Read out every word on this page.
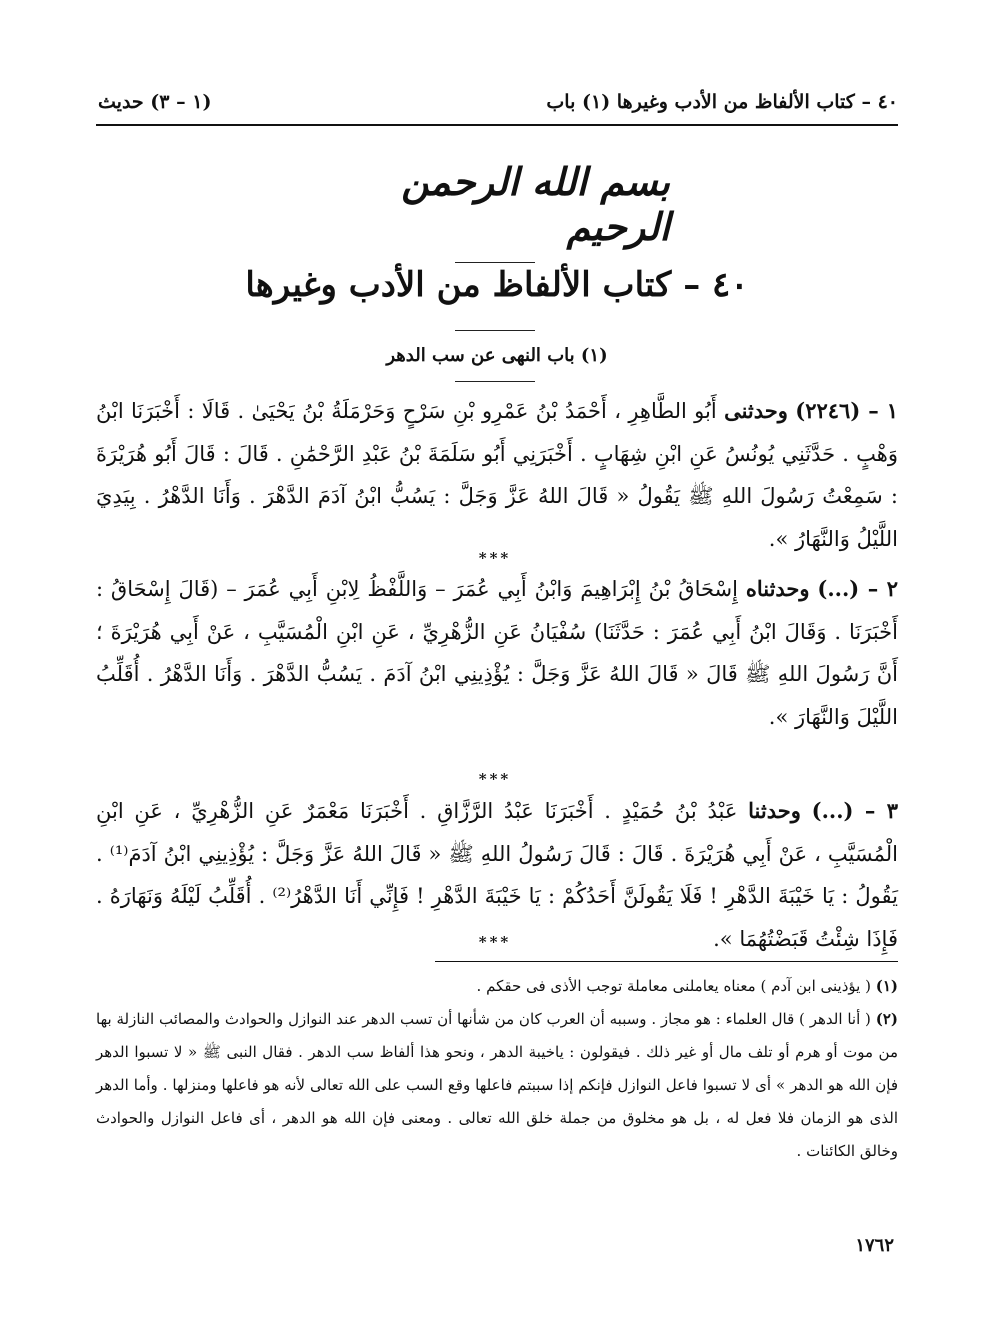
٤٠ – كتاب الألفاظ من الأدب وغيرها (١) باب
(١ – ٣) حديث
بسم الله الرحمن الرحيم
٤٠ – كتاب الألفاظ من الأدب وغيرها
(١) باب النهى عن سب الدهر
١ – (٢٢٤٦) وحدثنى أَبُو الطَّاهِرِ ، أَحْمَدُ بْنُ عَمْرِو بْنِ سَرْحٍ وَحَرْمَلَةُ بْنُ يَحْيَىٰ . قَالَا : أَخْبَرَنَا ابْنُ وَهْبٍ . حَدَّثَنِي يُونُسُ عَنِ ابْنِ شِهَابٍ . أَخْبَرَنِي أَبُو سَلَمَةَ بْنُ عَبْدِ الرَّحْمَٰنِ . قَالَ : قَالَ أَبُو هُرَيْرَةَ : سَمِعْتُ رَسُولَ اللهِ ﷺ يَقُولُ « قَالَ اللهُ عَزَّ وَجَلَّ : يَسُبُّ ابْنُ آدَمَ الدَّهْرَ . وَأَنَا الدَّهْرُ . بِيَدِيَ اللَّيْلُ وَالنَّهَارُ ».
***
٢ – (...) وحدثناه إِسْحَاقُ بْنُ إِبْرَاهِيمَ وَابْنُ أَبِي عُمَرَ – وَاللَّفْظُ لِابْنِ أَبِي عُمَرَ – (قَالَ إِسْحَاقُ : أَخْبَرَنَا . وَقَالَ ابْنُ أَبِي عُمَرَ : حَدَّثَنَا) سُفْيَانُ عَنِ الزُّهْرِيِّ ، عَنِ ابْنِ الْمُسَيَّبِ ، عَنْ أَبِي هُرَيْرَةَ ؛ أَنَّ رَسُولَ اللهِ ﷺ قَالَ « قَالَ اللهُ عَزَّ وَجَلَّ : يُؤْذِينِي ابْنُ آدَمَ . يَسُبُّ الدَّهْرَ . وَأَنَا الدَّهْرُ . أُقَلِّبُ اللَّيْلَ وَالنَّهَارَ ».
***
٣ – (...) وحدثنا عَبْدُ بْنُ حُمَيْدٍ . أَخْبَرَنَا عَبْدُ الرَّزَّاقِ . أَخْبَرَنَا مَعْمَرٌ عَنِ الزُّهْرِيِّ ، عَنِ ابْنِ الْمُسَيَّبِ ، عَنْ أَبِي هُرَيْرَةَ . قَالَ : قَالَ رَسُولُ اللهِ ﷺ « قَالَ اللهُ عَزَّ وَجَلَّ : يُؤْذِينِي ابْنُ آدَمَ⁽¹⁾ . يَقُولُ : يَا خَيْبَةَ الدَّهْرِ ! فَلَا يَقُولَنَّ أَحَدُكُمْ : يَا خَيْبَةَ الدَّهْرِ ! فَإِنِّي أَنَا الدَّهْرُ⁽²⁾ . أُقَلِّبُ لَيْلَهُ وَنَهَارَهُ . فَإِذَا شِئْتُ قَبَضْتُهُمَا ».
***

(١) ( يؤذينى ابن آدم ) معناه يعاملنى معاملة توجب الأذى فى حقكم .

(٢) ( أنا الدهر ) قال العلماء : هو مجاز . وسببه أن العرب كان من شأنها أن تسب الدهر عند النوازل والحوادث والمصائب النازلة بها من موت أو هرم أو تلف مال أو غير ذلك . فيقولون : ياخيبة الدهر ، ونحو هذا ألفاظ سب الدهر . فقال النبى ﷺ « لا تسبوا الدهر فإن الله هو الدهر » أى لا تسبوا فاعل النوازل فإنكم إذا سببتم فاعلها وقع السب على الله تعالى لأنه هو فاعلها ومنزلها . وأما الدهر الذى هو الزمان فلا فعل له ، بل هو مخلوق من جملة خلق الله تعالى . ومعنى فإن الله هو الدهر ، أى فاعل النوازل والحوادث وخالق الكائنات .

١٧٦٢
